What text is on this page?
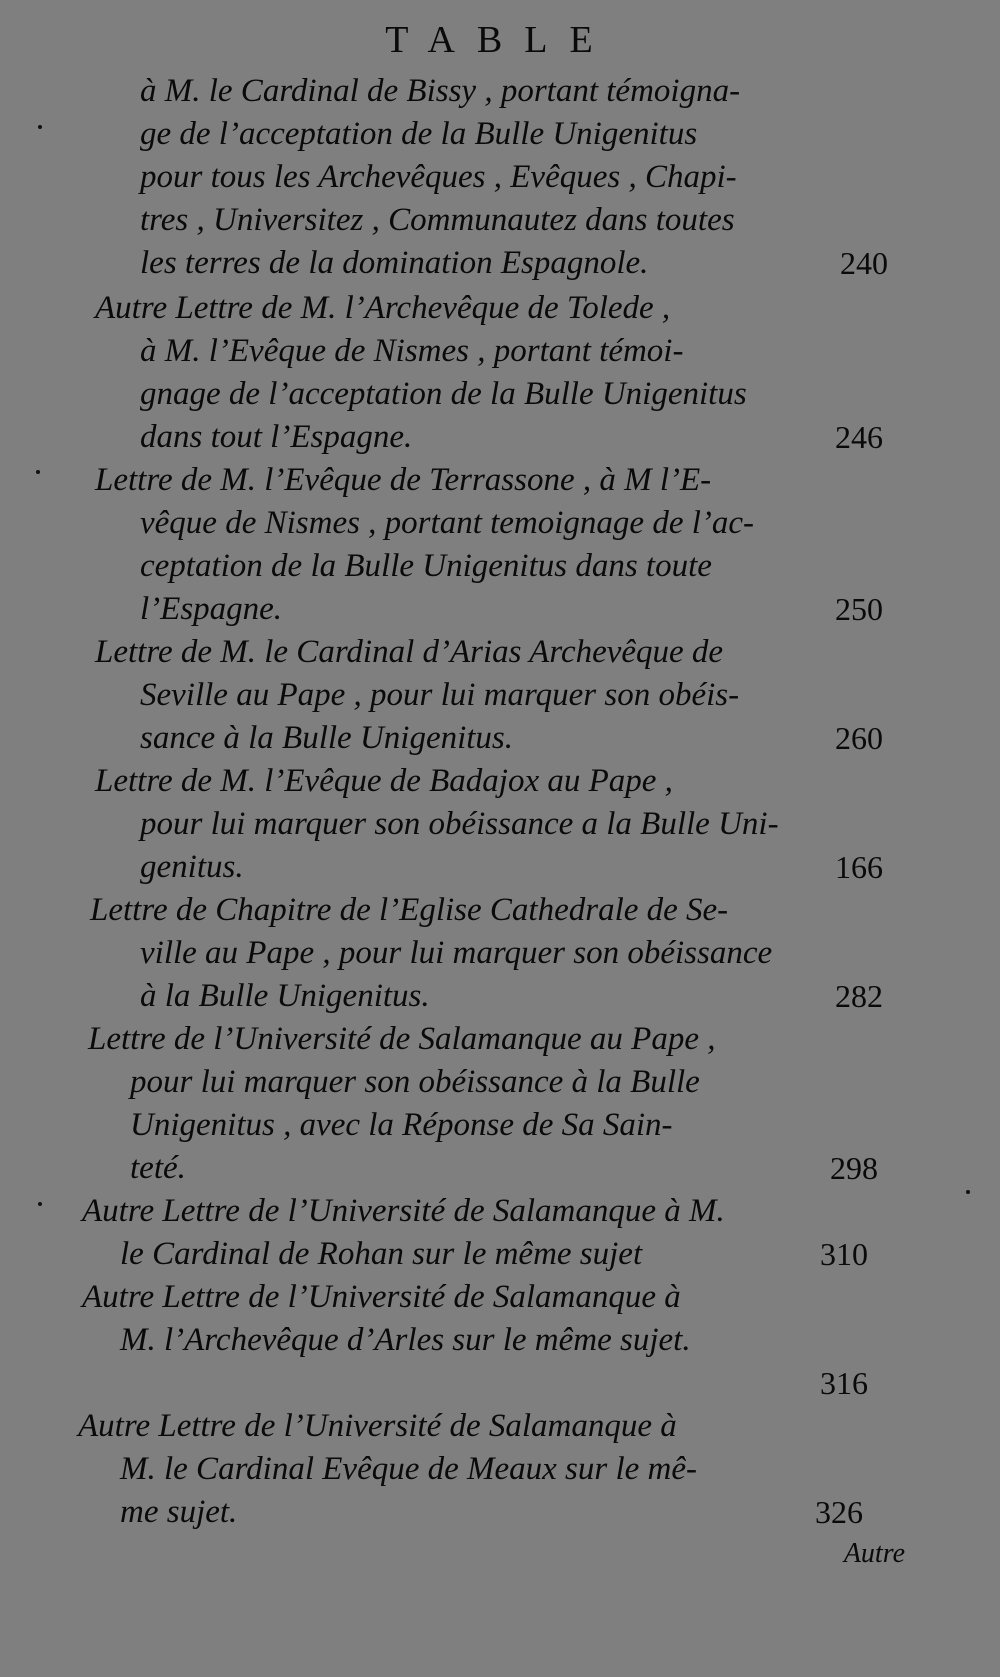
TABLE
à M. le Cardinal de Bissy , portant témoigna-
ge de l’acceptation de la Bulle Unigenitus
pour tous les Archevêques , Evêques , Chapi-
tres , Universitez , Communautez dans toutes
les terres de la domination Espagnole.	240
Autre Lettre de M. l’Archevêque de Tolede ,
à M. l’Evêque de Nismes , portant témoi-
gnage de l’acceptation de la Bulle Unigenitus
dans tout l’Espagne.	246
Lettre de M. l’Evêque de Terrassone , à M l’E-
vêque de Nismes , portant temoignage de l’ac-
ceptation de la Bulle Unigenitus dans toute
l’Espagne.	250
Lettre de M. le Cardinal d’Arias Archevêque de
Seville au Pape , pour lui marquer son obéis-
sance à la Bulle Unigenitus.	260
Lettre de M. l’Evêque de Badajox au Pape ,
pour lui marquer son obéissance a la Bulle Uni-
genitus.	166
Lettre de Chapitre de l’Eglise Cathedrale de Se-
ville au Pape , pour lui marquer son obéissance
à la Bulle Unigenitus.	282
Lettre de l’Université de Salamanque au Pape ,
pour lui marquer son obéissance à la Bulle
Unigenitus , avec la Réponse de Sa Sain-
teté.	298
Autre Lettre de l’Université de Salamanque à M.
le Cardinal de Rohan sur le même sujet	310
Autre Lettre de l’Université de Salamanque à
M. l’Archevêque d’Arles sur le même sujet.
316
Autre Lettre de l’Université de Salamanque à
M. le Cardinal Evêque de Meaux sur le mê-
me sujet.	326
Autre
